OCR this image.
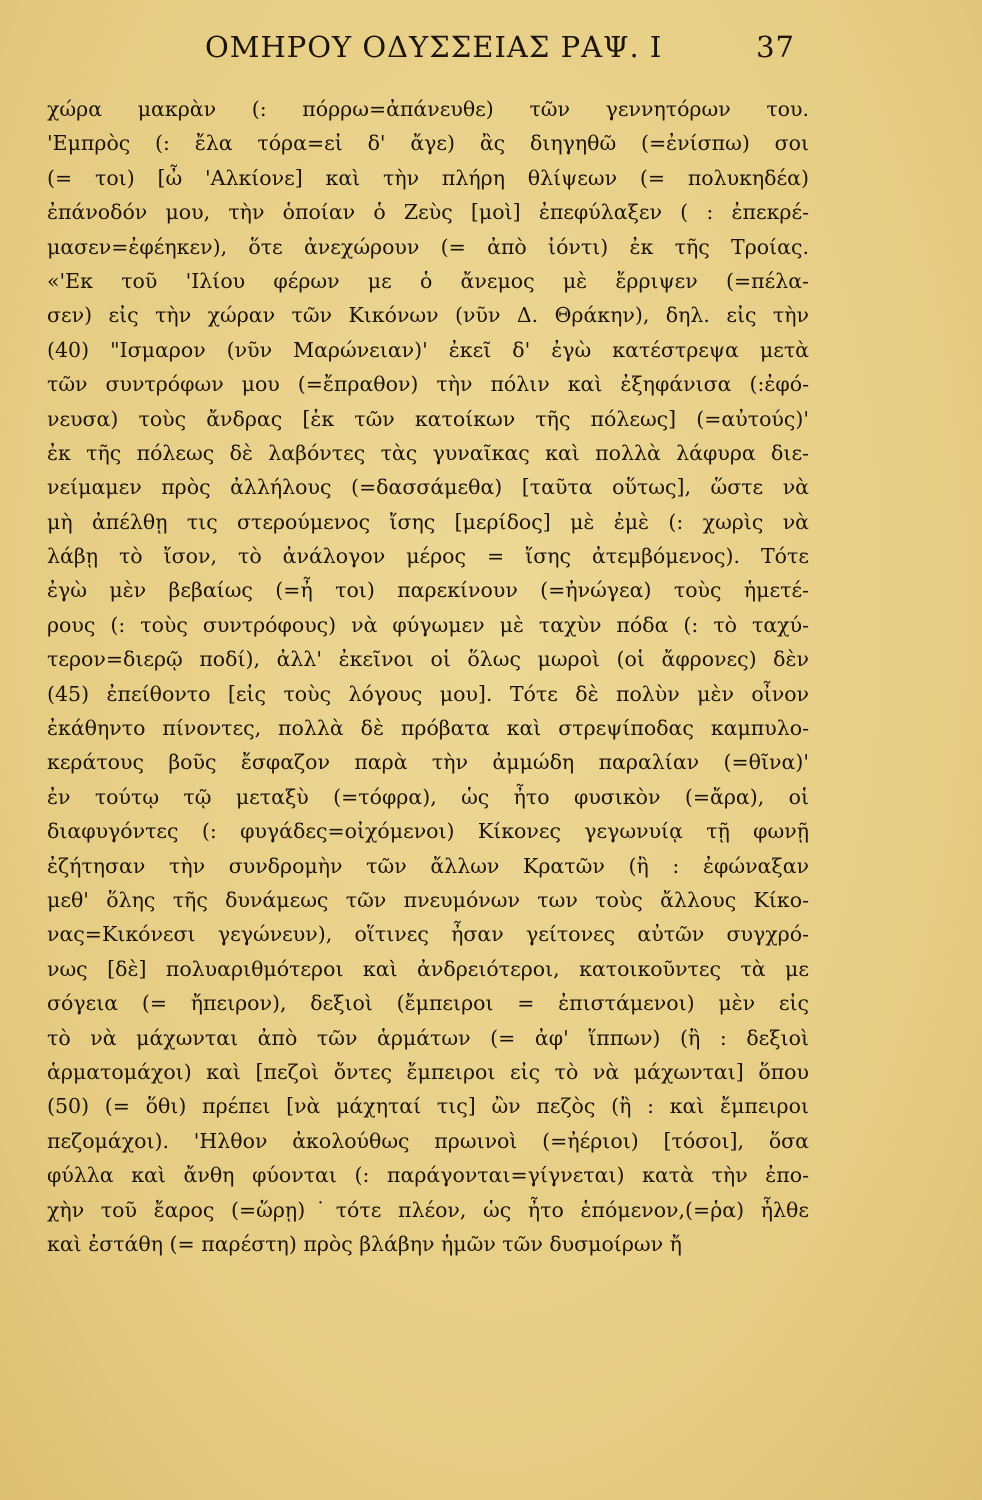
ΟΜΗΡΟΥ ΟΔΥΣΣΕΙΑΣ ΡΑΨ. Ι	37
χώρα μακρὰν (: πόρρω=ἀπάνευθε) τῶν γεννητόρων του.
'Εμπρὸς (: ἔλα τόρα=εἰ δ' ἄγε) ἂς διηγηθῶ (=ἐνίσπω) σοι
(= τοι) [ὦ 'Αλκίονε] καὶ τὴν πλήρη θλίψεων (= πολυκηδέα)
ἐπάνοδόν μου, τὴν ὁποίαν ὁ Ζεὺς [μοὶ] ἐπεφύλαξεν ( : ἐπεκρέ-
μασεν=ἐφέηκεν), ὅτε ἀνεχώρουν (= ἀπὸ ἰόντι) ἐκ τῆς Τροίας.
«'Εκ τοῦ 'Ιλίου φέρων με ὁ ἄνεμος μὲ ἔρριψεν (=πέλα-
σεν) εἰς τὴν χώραν τῶν Κικόνων (νῦν Δ. Θράκην), δηλ. εἰς τὴν
(40) "Ισμαρον (νῦν Μαρώνειαν)' ἐκεῖ δ' ἐγὼ κατέστρεψα μετὰ
τῶν συντρόφων μου (=ἔπραθον) τὴν πόλιν καὶ ἐξηφάνισα (:ἐφό-
νευσα) τοὺς ἄνδρας [ἐκ τῶν κατοίκων τῆς πόλεως] (=αὐτούς)'
ἐκ τῆς πόλεως δὲ λαβόντες τὰς γυναῖκας καὶ πολλὰ λάφυρα διε-
νείμαμεν πρὸς ἀλλήλους (=δασσάμεθα) [ταῦτα οὕτως], ὥστε νὰ
μὴ ἀπέλθῃ τις στερούμενος ἴσης [μερίδος] μὲ ἐμὲ (: χωρὶς νὰ
λάβῃ τὸ ἴσον, τὸ ἀνάλογον μέρος = ἴσης ἀτεμβόμενος). Τότε
ἐγὼ μὲν βεβαίως (=ἦ τοι) παρεκίνουν (=ἠνώγεα) τοὺς ἡμετέ-
ρους (: τοὺς συντρόφους) νὰ φύγωμεν μὲ ταχὺν πόδα (: τὸ ταχύ-
τερον=διερῷ ποδί), ἀλλ' ἐκεῖνοι οἱ ὅλως μωροὶ (οἱ ἄφρονες) δὲν
(45) ἐπείθοντο [εἰς τοὺς λόγους μου]. Τότε δὲ πολὺν μὲν οἶνον
ἐκάθηντο πίνοντες, πολλὰ δὲ πρόβατα καὶ στρεψίποδας καμπυλο-
κεράτους βοῦς ἔσφαζον παρὰ τὴν ἀμμώδη παραλίαν (=θῖνα)'
ἐν τούτῳ τῷ μεταξὺ (=τόφρα), ὡς ἦτο φυσικὸν (=ἄρα), οἱ
διαφυγόντες (: φυγάδες=οἰχόμενοι) Κίκονες γεγωνυίᾳ τῇ φωνῇ
ἐζήτησαν τὴν συνδρομὴν τῶν ἄλλων Κρατῶν (ἢ : ἐφώναξαν
μεθ' ὅλης τῆς δυνάμεως τῶν πνευμόνων των τοὺς ἄλλους Κίκο-
νας=Κικόνεσι γεγώνευν), οἵτινες ἦσαν γείτονες αὐτῶν συγχρό-
νως [δὲ] πολυαριθμότεροι καὶ ἀνδρειότεροι, κατοικοῦντες τὰ με
σόγεια (= ἤπειρον), δεξιοὶ (ἔμπειροι = ἐπιστάμενοι) μὲν εἰς
τὸ νὰ μάχωνται ἀπὸ τῶν ἁρμάτων (= ἀφ' ἵππων) (ἢ : δεξιοὶ
ἁρματομάχοι) καὶ [πεζοὶ ὄντες ἔμπειροι εἰς τὸ νὰ μάχωνται] ὅπου
(50) (= ὅθι) πρέπει [νὰ μάχηταί τις] ὢν πεζὸς (ἢ : καὶ ἔμπειροι
πεζομάχοι). 'Ηλθον ἀκολούθως πρωινοὶ (=ἠέριοι) [τόσοι], ὅσα
φύλλα καὶ ἄνθη φύονται (: παράγονται=γίγνεται) κατὰ τὴν ἐπο-
χὴν τοῦ ἔαρος (=ὥρῃ)˙τότε πλέον, ὡς ἦτο ἑπόμενον,(=ῥα) ἦλθε
καὶ ἐστάθη (= παρέστη) πρὸς βλάβην ἡμῶν τῶν δυσμοίρων ἤ
